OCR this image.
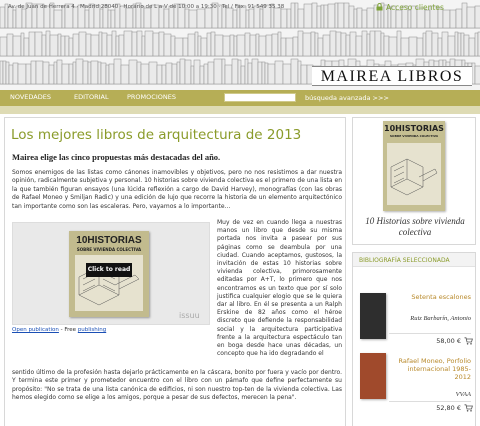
Av. de Juan de Herrera 4 · Madrid 28040 · Horario de L a V de 10:00 a 19:30 · Tel / Fax: 91 549 35 38	Acceso clientes
MAIREA LIBROS
NOVEDADES	EDITORIAL	PROMOCIONES	búsqueda avanzada >>>
Los mejores libros de arquitectura de 2013
Mairea elige las cinco propuestas más destacadas del año.
Somos enemigos de las listas como cánones inamovibles y objetivos, pero no nos resistimos a dar nuestra opinión, radicalmente subjetiva y personal. 10 historias sobre vivienda colectiva es el primero de una lista en la que también figuran ensayos (una lúcida reflexión a cargo de David Harvey), monografías (con las obras de Rafael Moneo y Smiljan Radic) y una edición de lujo que recorre la historia de un elemento arquitectónico tan importante como son las escaleras. Pero, vayamos a lo importante...
10HISTORIAS
SOBRE VIVIENDA COLECTIVA
Click to read
issuu
Open publication - Free publishing
Muy de vez en cuando llega a nuestras manos un libro que desde su misma portada nos invita a pasear por sus páginas como se deambula por una ciudad. Cuando aceptamos, gustosos, la invitación de estas 10 historias sobre vivienda colectiva, primorosamente editadas por A+T, lo primero que nos encontramos es un texto que por sí solo justifica cualquier elogio que se le quiera dar al libro. En él se presenta a un Ralph Erskine de 82 años como el héroe discreto que defiende la responsabilidad social y la arquitectura participativa frente a la arquitectura espectáculo tan en boga desde hace unas décadas, un concepto que ha ido degradando el
sentido último de la profesión hasta dejarlo prácticamente en la cáscara, bonito por fuera y vacío por dentro. Y termina este primer y prometedor encuentro con el libro con un pámafo que define perfectamente su propósito: "No se trata de una lista canónica de edificios, ni son nuestro top-ten de la vivienda colectiva. Las hemos elegido como se elige a los amigos, porque a pesar de sus defectos, merecen la pena".
10HISTORIAS
SOBRE VIVIENDA COLECTIVA
10 Historias sobre vivienda colectiva
BIBLIOGRAFÍA SELECCIONADA
Setenta escalones
Ruiz Barbarín, Antonio
58,00 €
Rafael Moneo, Porfolio internacional 1985-2012
VVAA
52,80 €
